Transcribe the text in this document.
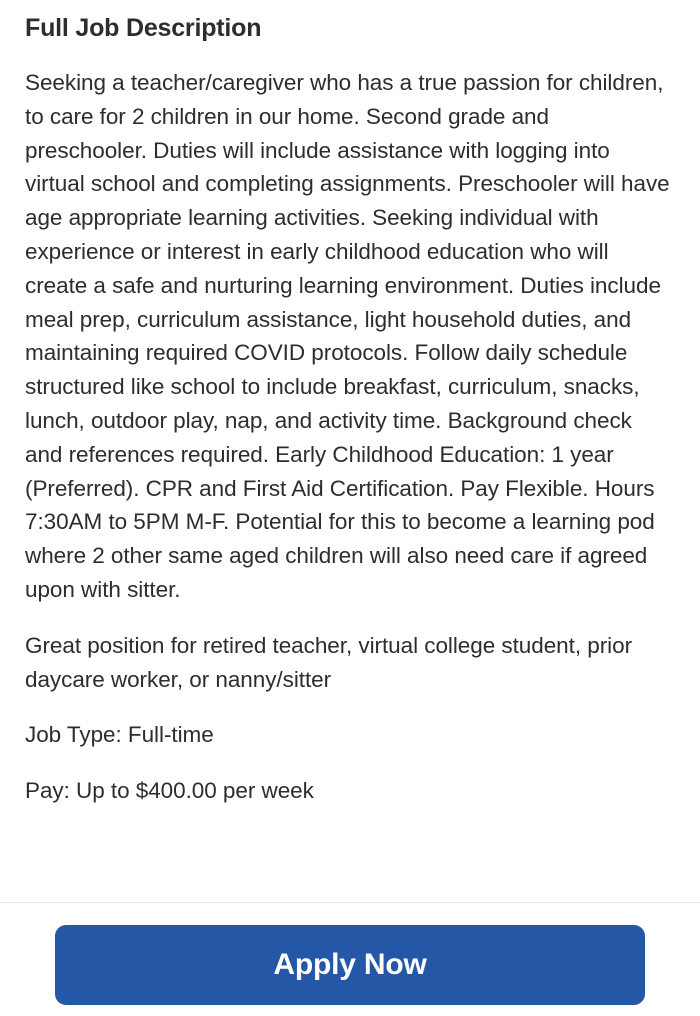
Full Job Description

Seeking a teacher/caregiver who has a true passion for children, to care for 2 children in our home. Second grade and preschooler. Duties will include assistance with logging into virtual school and completing assignments. Preschooler will have age appropriate learning activities. Seeking individual with experience or interest in early childhood education who will create a safe and nurturing learning environment. Duties include meal prep, curriculum assistance, light household duties, and maintaining required COVID protocols. Follow daily schedule structured like school to include breakfast, curriculum, snacks, lunch, outdoor play, nap, and activity time. Background check and references required. Early Childhood Education: 1 year (Preferred). CPR and First Aid Certification. Pay Flexible. Hours 7:30AM to 5PM M-F. Potential for this to become a learning pod where 2 other same aged children will also need care if agreed upon with sitter.

Great position for retired teacher, virtual college student, prior daycare worker, or nanny/sitter

Job Type: Full-time

Pay: Up to $400.00 per week

Apply Now
